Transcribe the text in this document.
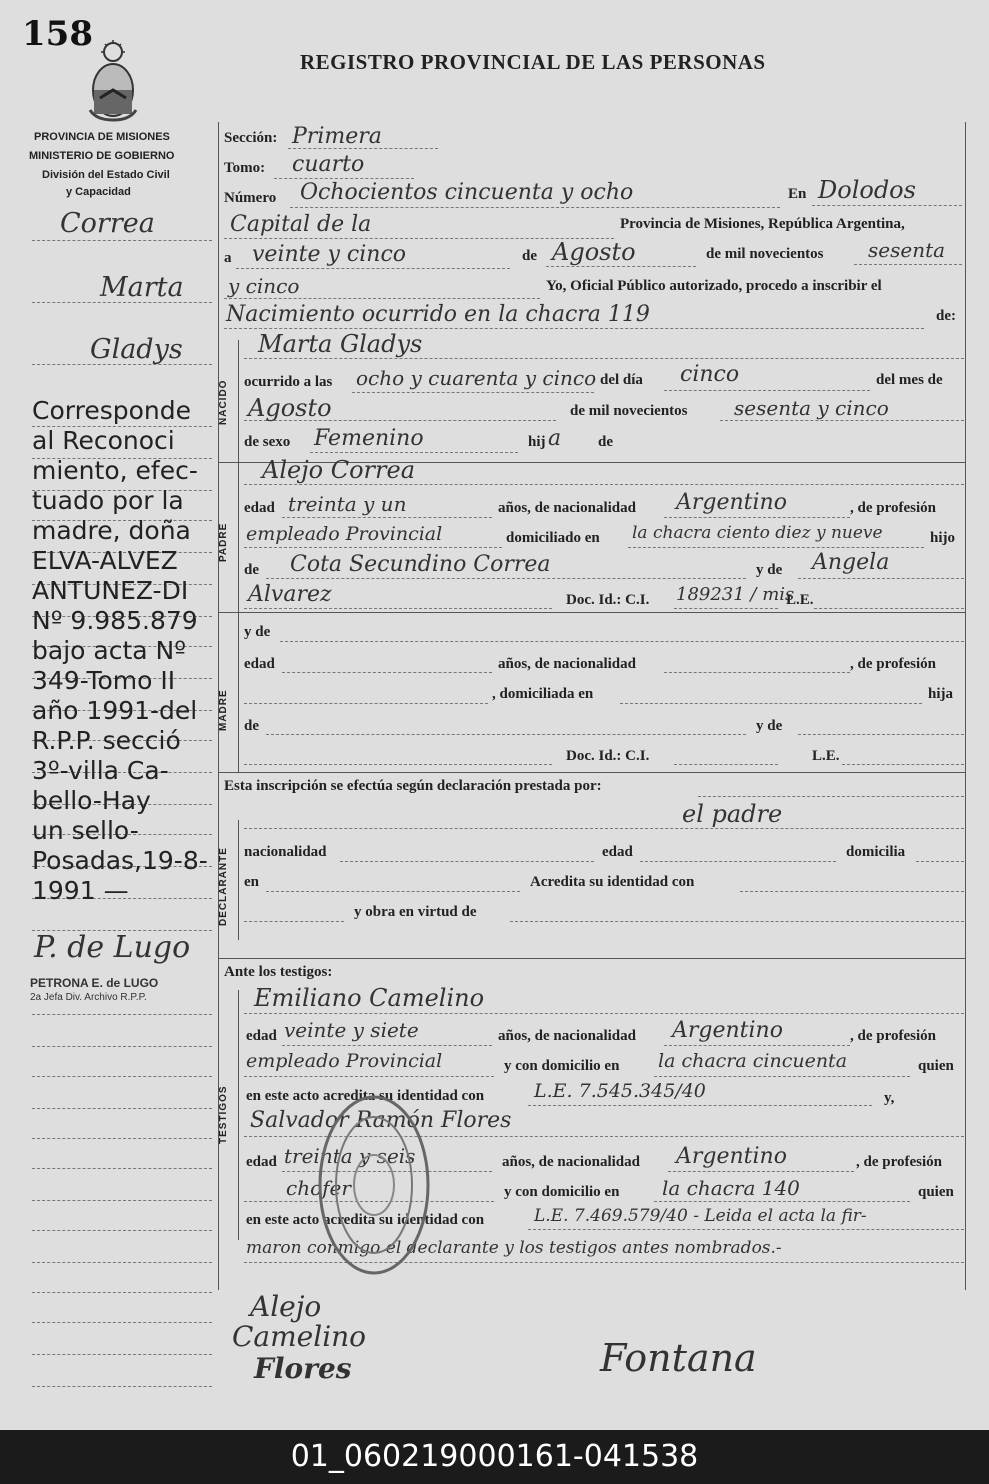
158
REGISTRO PROVINCIAL DE LAS PERSONAS
PROVINCIA DE MISIONES
MINISTERIO DE GOBIERNO
División del Estado Civil
y Capacidad
Correa
Marta
Gladys
Corresponde
al Reconoci
miento, efec-
tuado por la
madre, doña
ELVA-ALVEZ
ANTUNEZ-DI
Nº 9.985.879
bajo acta Nº
349-Tomo II
año 1991-del
R.P.P. secció
3º-villa Ca-
bello-Hay
un sello-
Posadas,19-8-
1991 —
P. de Lugo
PETRONA E. de LUGO
2a Jefa Div. Archivo R.P.P.
NACIDO
PADRE
MADRE
DECLARANTE
TESTIGOS
Sección: Primera
Tomo: cuarto
Número Ochocientos cincuenta y ocho	En Dolodos
Capital de la	Provincia de Misiones, República Argentina,
a veinte y cinco	de Agosto	de mil novecientos sesenta
y cinco	Yo, Oficial Público autorizado, procedo a inscribir el
Nacimiento ocurrido en la chacra 119	de:
Marta Gladys
ocurrido a las ocho y cuarenta y cinco del día cinco	del mes de
Agosto	de mil novecientos sesenta y cinco
de sexo Femenino	hij a de
Alejo Correa
edad treinta y un	años, de nacionalidad Argentino	, de profesión
empleado Provincial	domiciliado en la chacra ciento diez y nueve	hijo
de Cota Secundino Correa	y de Angela
Alvarez	Doc. Id.: C.I. 189231 / mis
L.E.
y de
edad	años, de nacionalidad	, de profesión
, domiciliada en	hija
de	y de
Doc. Id.: C.I.	L.E.
Esta inscripción se efectúa según declaración prestada por:
el padre
nacionalidad	edad	domicilia
en	Acredita su identidad con
y obra en virtud de
Ante los testigos:
Emiliano Camelino
edad veinte y siete	años, de nacionalidad Argentino	, de profesión
empleado Provincial	y con domicilio en la chacra cincuenta	quien
en este acto acredita su identidad con	L.E. 7.545.345/40	y,
Salvador Ramón Flores
edad treinta y seis	años, de nacionalidad Argentino	, de profesión
chofer	y con domicilio en la chacra 140	quien
en este acto acredita su identidad con	L.E. 7.469.579/40 - Leida el acta la fir-
maron conmigo el declarante y los testigos antes nombrados.-
Alejo
Camelino
Flores	Fontana
01_060219000161-041538
